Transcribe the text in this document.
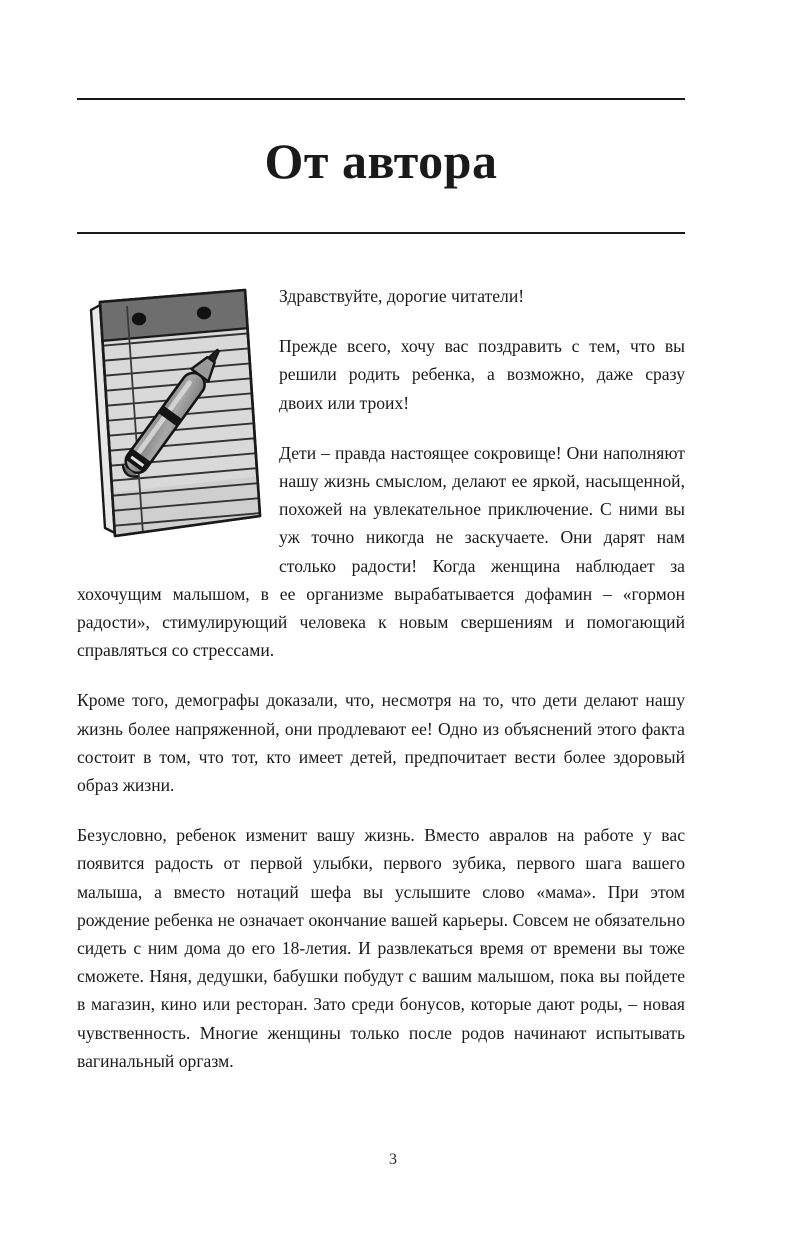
От автора

Здравствуйте, дорогие читатели!

Прежде всего, хочу вас поздравить с тем, что вы решили родить ребенка, а возможно, даже сразу двоих или троих!

Дети – правда настоящее сокровище! Они наполняют нашу жизнь смыслом, делают ее яркой, насыщенной, похожей на увлекательное приключение. С ними вы уж точно никогда не заскучаете. Они дарят нам столько радости! Когда женщина наблюдает за хохочущим малышом, в ее организме вырабатывается дофамин – «гормон радости», стимулирующий человека к новым свершениям и помогающий справляться со стрессами.

Кроме того, демографы доказали, что, несмотря на то, что дети делают нашу жизнь более напряженной, они продлевают ее! Одно из объяснений этого факта состоит в том, что тот, кто имеет детей, предпочитает вести более здоровый образ жизни.

Безусловно, ребенок изменит вашу жизнь. Вместо авралов на работе у вас появится радость от первой улыбки, первого зубика, первого шага вашего малыша, а вместо нотаций шефа вы услышите слово «мама». При этом рождение ребенка не означает окончание вашей карьеры. Совсем не обязательно сидеть с ним дома до его 18-летия. И развлекаться время от времени вы тоже сможете. Няня, дедушки, бабушки побудут с вашим малышом, пока вы пойдете в магазин, кино или ресторан. Зато среди бонусов, которые дают роды, – новая чувственность. Многие женщины только после родов начинают испытывать вагинальный оргазм.

3
